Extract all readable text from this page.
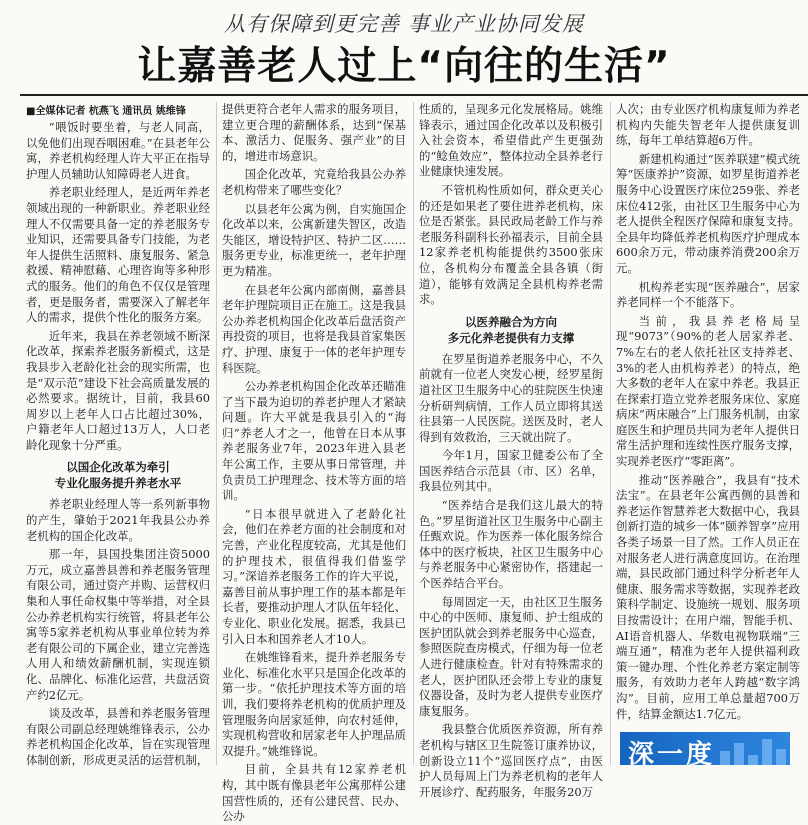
从有保障到更完善 事业产业协同发展
让嘉善老人过上“向往的生活”
■全媒体记者 杭燕飞 通讯员 姚维锋

“喂饭时要坐着，与老人同高，以免他们出现吞咽困难。”在县老年公寓，养老机构经理人许大平正在指导护理人员辅助认知障碍老人进食。

养老职业经理人，是近两年养老领域出现的一种新职业。养老职业经理人不仅需要具备一定的养老服务专业知识，还需要具备专门技能，为老年人提供生活照料、康复服务、紧急救援、精神慰藉、心理咨询等多种形式的服务。他们的角色不仅仅是管理者，更是服务者，需要深入了解老年人的需求，提供个性化的服务方案。

近年来，我县在养老领域不断深化改革，探索养老服务新模式，这是我县步入老龄化社会的现实所需，也是“双示范”建设下社会高质量发展的必然要求。据统计，目前，我县60周岁以上老年人口占比超过30%，户籍老年人口超过13万人，人口老龄化现象十分严重。

以国企化改革为牵引
专业化服务提升养老水平

养老职业经理人等一系列新事物的产生，肇始于2021年我县公办养老机构的国企化改革。

那一年，县国投集团注资5000万元，成立嘉善县善和养老服务管理有限公司，通过资产并购、运营权归集和人事任命权集中等举措，对全县公办养老机构实行统管，将县老年公寓等5家养老机构从事业单位转为养老有限公司的下属企业，建立完善选人用人和绩效薪酬机制，实现连锁化、品牌化、标准化运营，共盘活资产约2亿元。

谈及改革，县善和养老服务管理有限公司副总经理姚维锋表示，公办养老机构国企化改革，旨在实现管理体制创新，形成更灵活的运营机制，

提供更符合老年人需求的服务项目，建立更合理的薪酬体系，达到“保基本、激活力、促服务、强产业”的目的，增进市场意识。

国企化改革，究竟给我县公办养老机构带来了哪些变化？

以县老年公寓为例，自实施国企化改革以来，公寓新建失智区，改造失能区，增设特护区、特护二区……服务更专业，标准更统一，老年护理更为精准。

在县老年公寓内部南侧，嘉善县老年护理院项目正在施工。这是我县公办养老机构国企化改革后盘活资产再投资的项目，也将是我县首家集医疗、护理、康复于一体的老年护理专科医院。

公办养老机构国企化改革还瞄准了当下最为迫切的养老护理人才紧缺问题。许大平就是我县引入的“海归”养老人才之一，他曾在日本从事养老服务业7年，2023年进入县老年公寓工作，主要从事日常管理，并负责员工护理理念、技术等方面的培训。

“日本很早就进入了老龄化社会，他们在养老方面的社会制度和对完善，产业化程度较高，尤其是他们的护理技术，很值得我们借鉴学习。”深谙养老服务工作的许大平说，嘉善目前从事护理工作的基本都是年长者，要推动护理人才队伍年轻化、专业化、职业化发展。据悉，我县已引入日本和国养老人才10人。

在姚维锋看来，提升养老服务专业化、标准化水平只是国企化改革的第一步。“依托护理技术等方面的培训，我们要将养老机构的优质护理及管理服务向居家延伸，向农村延伸，实现机构营收和居家老年人护理品质双提升。”姚维锋说。

目前，全县共有12家养老机构，其中既有像县老年公寓那样公建国营性质的，还有公建民营、民办、公办

性质的，呈现多元化发展格局。姚维锋表示，通过国企化改革以及积极引入社会资本，希望借此产生更强劲的“鲶鱼效应”，整体拉动全县养老行业健康快速发展。

不管机构性质如何，群众更关心的还是如果老了要住进养老机构，床位是否紧张。县民政局老龄工作与养老服务科副科长孙福表示，目前全县12家养老机构能提供约3500张床位，各机构分布覆盖全县各镇（街道），能够有效满足全县机构养老需求。

以医养融合为方向
多元化养老提供有力支撑

在罗星街道养老服务中心，不久前就有一位老人突发心梗，经罗星街道社区卫生服务中心的驻院医生快速分析研判病情，工作人员立即将其送往县第一人民医院。送医及时，老人得到有效救治，三天就出院了。

今年1月，国家卫健委公布了全国医养结合示范县（市、区）名单，我县位列其中。

“医养结合是我们这儿最大的特色。”罗星街道社区卫生服务中心副主任甄欢说。作为医养一体化服务综合体中的医疗板块，社区卫生服务中心与养老服务中心紧密协作，搭建起一个医养结合平台。

每周固定一天，由社区卫生服务中心的中医师、康复师、护士组成的医护团队就会到养老服务中心巡查，参照医院查房模式，仔细为每一位老人进行健康检查。针对有特殊需求的老人，医护团队还会带上专业的康复仪器设备，及时为老人提供专业医疗康复服务。

我县整合优质医养资源，所有养老机构与辖区卫生院签订康养协议，创新设立11个“巡回医疗点”，由医护人员每周上门为养老机构的老年人开展诊疗、配药服务，年服务20万

人次；由专业医疗机构康复师为养老机构内失能失智老年人提供康复训练，每年工单结算超6万件。

新建机构通过“医养联建”模式统筹“医康养护”资源，如罗星街道养老服务中心设置医疗床位259张、养老床位412张，由社区卫生服务中心为老人提供全程医疗保障和康复支持。全县年均降低养老机构医疗护理成本600余万元，带动康养消费200余万元。

机构养老实现“医养融合”，居家养老同样一个不能落下。

当前，我县养老格局呈现“9073”（90%的老人居家养老、7%左右的老人依托社区支持养老、3%的老人由机构养老）的特点，绝大多数的老年人在家中养老。我县正在探索打造立党养老服务床位、家庭病床“两床融合”上门服务机制，由家庭医生和护理员共同为老年人提供日常生活护理和连续性医疗服务支撑，实现养老医疗“零距离”。

推动“医养融合”，我县有“技术法宝”。在县老年公寓西侧的县善和养老运作智慧养老大数据中心，我县创新打造的城乡一体“颐养智享”应用各类子场景一目了然。工作人员正在对服务老人进行满意度回访。在治理端，县民政部门通过科学分析老年人健康、服务需求等数据，实现养老政策科学制定、设施统一规划、服务项目按需设计；在用户端，智能手机、AI语音机器人、华数电视物联端“三端互通”，精准为老年人提供福利政策一键办理、个性化养老方案定制等服务，有效助力老年人跨越“数字鸿沟”。目前，应用工单总量超700万件，结算金额达1.7亿元。

深一度
